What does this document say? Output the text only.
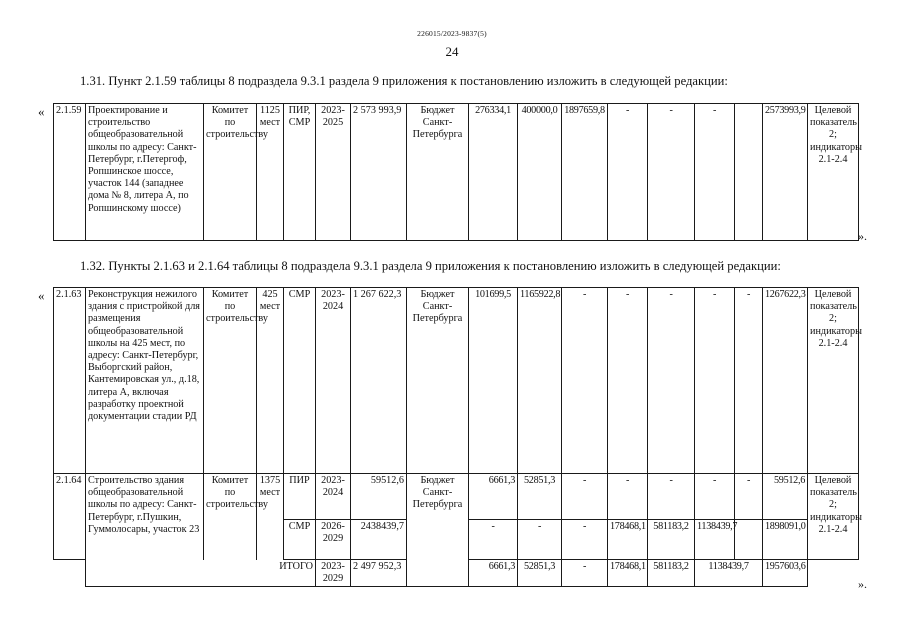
226015/2023-9837(5)
24
1.31. Пункт 2.1.59 таблицы 8 подраздела 9.3.1 раздела 9 приложения к постановлению изложить в следующей редакции:
« 2.1.59	Проектирование и строительство общеобразовательной школы по адресу: Санкт-Петербург, г.Петергоф, Ропшинское шоссе, участок 144 (западнее дома № 8, литера А, по Ропшинскому шоссе)	Комитет по строительству	1125 мест	ПИР, СМР	2023-2025	2 573 993,9	Бюджет Санкт-Петербурга	276334,1	400000,0	1897659,8	-	-	-		2573993,9	Целевой показатель 2; индикаторы 2.1-2.4
».
1.32. Пункты 2.1.63 и 2.1.64 таблицы 8 подраздела 9.3.1 раздела 9 приложения к постановлению изложить в следующей редакции:
« 2.1.63	Реконструкция нежилого здания с пристройкой для размещения общеобразовательной школы на 425 мест, по адресу: Санкт-Петербург, Выборгский район, Кантемировская ул., д.18, литера А, включая разработку проектной документации стадии РД	Комитет по строительству	425 мест	СМР	2023-2024	1 267 622,3	Бюджет Санкт-Петербурга	101699,5	1165922,8	-	-	-	-	-	1267622,3	Целевой показатель 2; индикаторы 2.1-2.4
2.1.64	Строительство здания общеобразовательной школы по адресу: Санкт-Петербург, г.Пушкин, Гуммолосары, участок 23	Комитет по строительству	1375 мест	ПИР	2023-2024	59512,6	Бюджет Санкт-Петербурга	6661,3	52851,3	-	-	-	-	-	59512,6	Целевой показатель 2; индикаторы 2.1-2.4
				СМР	2026-2029	2438439,7		-	-	-	178468,1	581183,2	1138439,7		1898091,0	
	ИТОГО				2023-2029	2 497 952,3		6661,3	52851,3	-	178468,1	581183,2	1138439,7		1957603,6	
».
